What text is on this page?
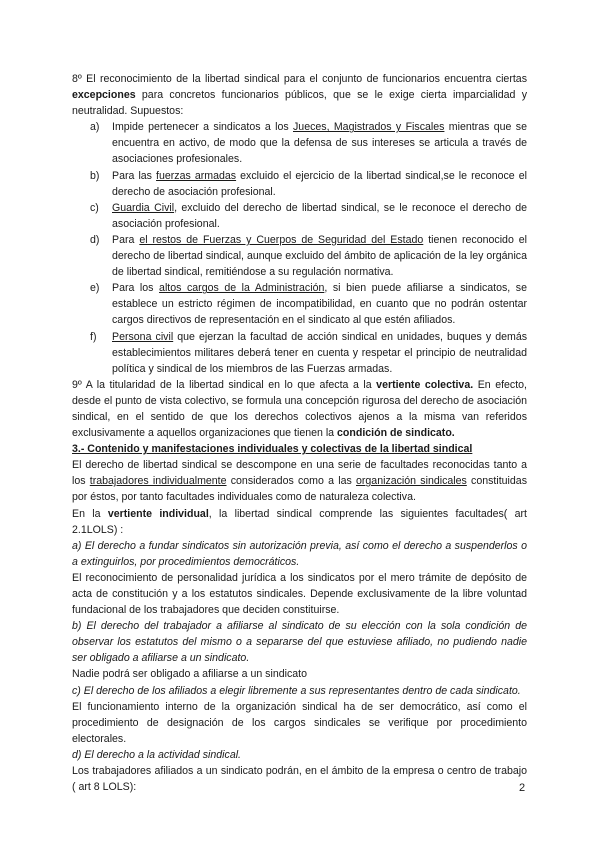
8º El reconocimiento de la libertad sindical para el conjunto de funcionarios encuentra ciertas excepciones para concretos funcionarios públicos, que se le exige cierta imparcialidad y neutralidad. Supuestos:

a) Impide pertenecer a sindicatos a los Jueces, Magistrados y Fiscales mientras que se encuentra en activo, de modo que la defensa de sus intereses se articula a través de asociaciones profesionales.
b) Para las fuerzas armadas excluido el ejercicio de la libertad sindical,se le reconoce el derecho de asociación profesional.
c) Guardia Civil, excluido del derecho de libertad sindical, se le reconoce el derecho de asociación profesional.
d) Para el restos de Fuerzas y Cuerpos de Seguridad del Estado tienen reconocido el derecho de libertad sindical, aunque excluido del ámbito de aplicación de la ley orgánica de libertad sindical, remitiéndose a su regulación normativa.
e) Para los altos cargos de la Administración, si bien puede afiliarse a sindicatos, se establece un estricto régimen de incompatibilidad, en cuanto que no podrán ostentar cargos directivos de representación en el sindicato al que estén afiliados.
f) Persona civil que ejerzan la facultad de acción sindical en unidades, buques y demás establecimientos militares deberá tener en cuenta y respetar el principio de neutralidad política y sindical de los miembros de las Fuerzas armadas.

9º A la titularidad de la libertad sindical en lo que afecta a la vertiente colectiva. En efecto, desde el punto de vista colectivo, se formula una concepción rigurosa del derecho de asociación sindical, en el sentido de que los derechos colectivos ajenos a la misma van referidos exclusivamente a aquellos organizaciones que tienen la condición de sindicato.

3.- Contenido y manifestaciones individuales y colectivas de la libertad sindical

El derecho de libertad sindical se descompone en una serie de facultades reconocidas tanto a los trabajadores individualmente considerados como a las organización sindicales constituidas por éstos, por tanto facultades individuales como de naturaleza colectiva.

En la vertiente individual, la libertad sindical comprende las siguientes facultades( art 2.1LOLS) :

a) El derecho a fundar sindicatos sin autorización previa, así como el derecho a suspenderlos o a extinguirlos, por procedimientos democráticos.

El reconocimiento de personalidad jurídica a los sindicatos por el mero trámite de depósito de acta de constitución y a los estatutos sindicales. Depende exclusivamente de la libre voluntad fundacional de los trabajadores que deciden constituirse.

b) El derecho del trabajador a afiliarse al sindicato de su elección con la sola condición de observar los estatutos del mismo o a separarse del que estuviese afiliado, no pudiendo nadie ser obligado a afiliarse a un sindicato.

Nadie podrá ser obligado a afiliarse a un sindicato

c) El derecho de los afiliados a elegir libremente a sus representantes dentro de cada sindicato.

El funcionamiento interno de la organización sindical ha de ser democrático, así como el procedimiento de designación de los cargos sindicales se verifique por procedimiento electorales.

d) El derecho a la actividad sindical.

Los trabajadores afiliados a un sindicato podrán, en el ámbito de la empresa o centro de trabajo ( art 8 LOLS):	2
